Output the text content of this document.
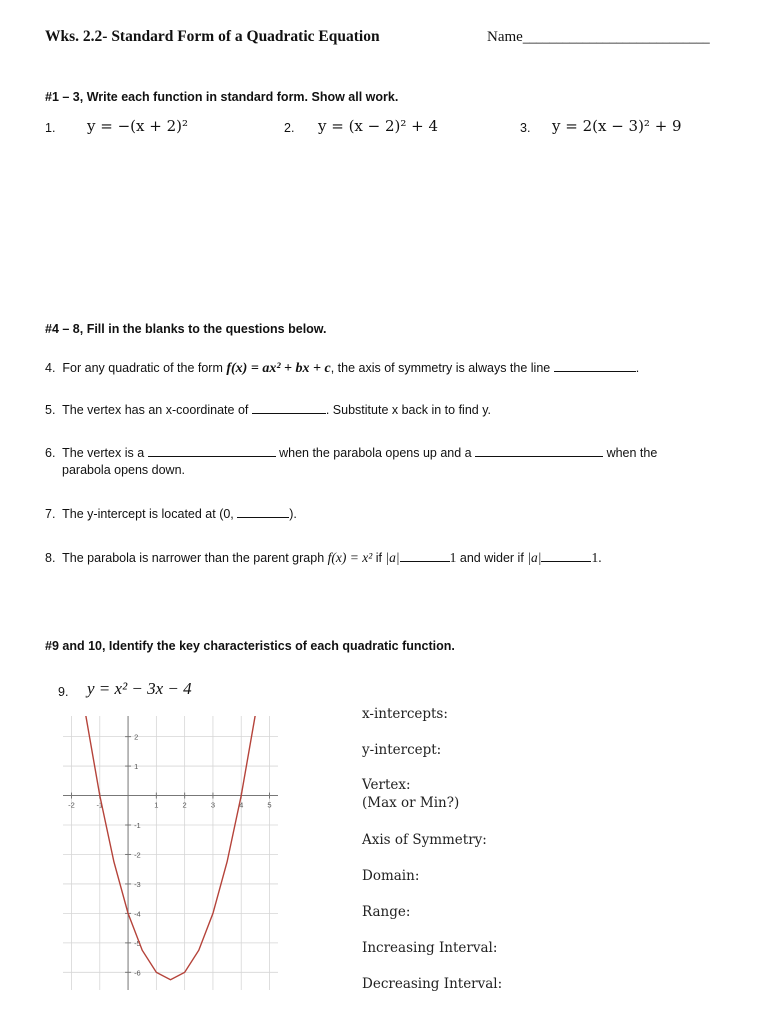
Wks. 2.2- Standard Form of a Quadratic Equation	Name____________________________
#1 – 3, Write each function in standard form. Show all work.
1. y = −(x + 2)²	2. y = (x − 2)² + 4	3. y = 2(x − 3)² + 9
#4 – 8, Fill in the blanks to the questions below.
4. For any quadratic of the form f(x) = ax² + bx + c, the axis of symmetry is always the line	.
5. The vertex has an x-coordinate of	. Substitute x back in to find y.
6. The vertex is a	when the parabola opens up and a	when the
parabola opens down.
7. The y-intercept is located at (0,	).
8. The parabola is narrower than the parent graph f(x) = x² if |a|	1 and wider if |a|	1.
#9 and 10, Identify the key characteristics of each quadratic function.
9. y = x² − 3x − 4
-2	-1	1	2	3	4	5
2
1
-1
-2
-3
-4
-5
-6
x-intercepts:
y-intercept:
Vertex:
(Max or Min?)
Axis of Symmetry:
Domain:
Range:
Increasing Interval:
Decreasing Interval:
